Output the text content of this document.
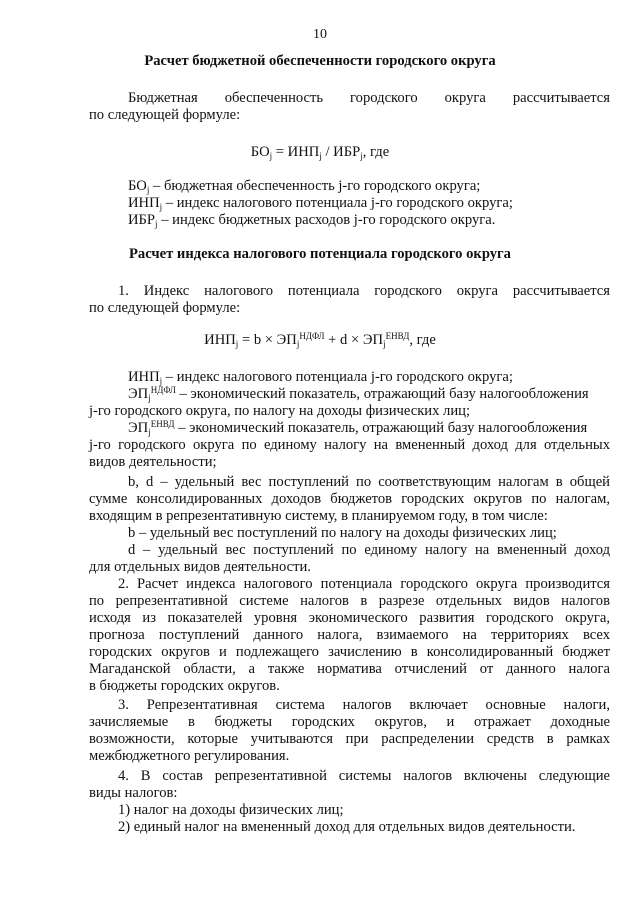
10
Расчет бюджетной обеспеченности городского округа
Бюджетная обеспеченность городского округа рассчитывается
по следующей формуле:
$БО_j = ИНП_j / ИБР_j$, где
$БО_j$ – бюджетная обеспеченность j-го городского округа;
$ИНП_j$ – индекс налогового потенциала j-го городского округа;
$ИБР_j$ – индекс бюджетных расходов j-го городского округа.
Расчет индекса налогового потенциала городского округа
1. Индекс налогового потенциала городского округа рассчитывается
по следующей формуле:
$ИНП_j = b \times ЭП_j^{НДФЛ} + d \times ЭП_j^{ЕНВД}$, где
$ИНП_j$ – индекс налогового потенциала j-го городского округа;
$ЭП_j^{НДФЛ}$ – экономический показатель, отражающий базу налогообложения
j-го городского округа, по налогу на доходы физических лиц;
$ЭП_j^{ЕНВД}$ – экономический показатель, отражающий базу налогообложения
j-го городского округа по единому налогу на вмененный доход для отдельных
видов деятельности;
b, d – удельный вес поступлений по соответствующим налогам в общей
сумме консолидированных доходов бюджетов городских округов по налогам,
входящим в репрезентативную систему, в планируемом году, в том числе:
b – удельный вес поступлений по налогу на доходы физических лиц;
d – удельный вес поступлений по единому налогу на вмененный доход
для отдельных видов деятельности.
2. Расчет индекса налогового потенциала городского округа производится
по репрезентативной системе налогов в разрезе отдельных видов налогов
исходя из показателей уровня экономического развития городского округа,
прогноза поступлений данного налога, взимаемого на территориях всех
городских округов и подлежащего зачислению в консолидированный бюджет
Магаданской области, а также норматива отчислений от данного налога
в бюджеты городских округов.
3. Репрезентативная система налогов включает основные налоги,
зачисляемые в бюджеты городских округов, и отражает доходные
возможности, которые учитываются при распределении средств в рамках
межбюджетного регулирования.
4. В состав репрезентативной системы налогов включены следующие
виды налогов:
1) налог на доходы физических лиц;
2) единый налог на вмененный доход для отдельных видов деятельности.
